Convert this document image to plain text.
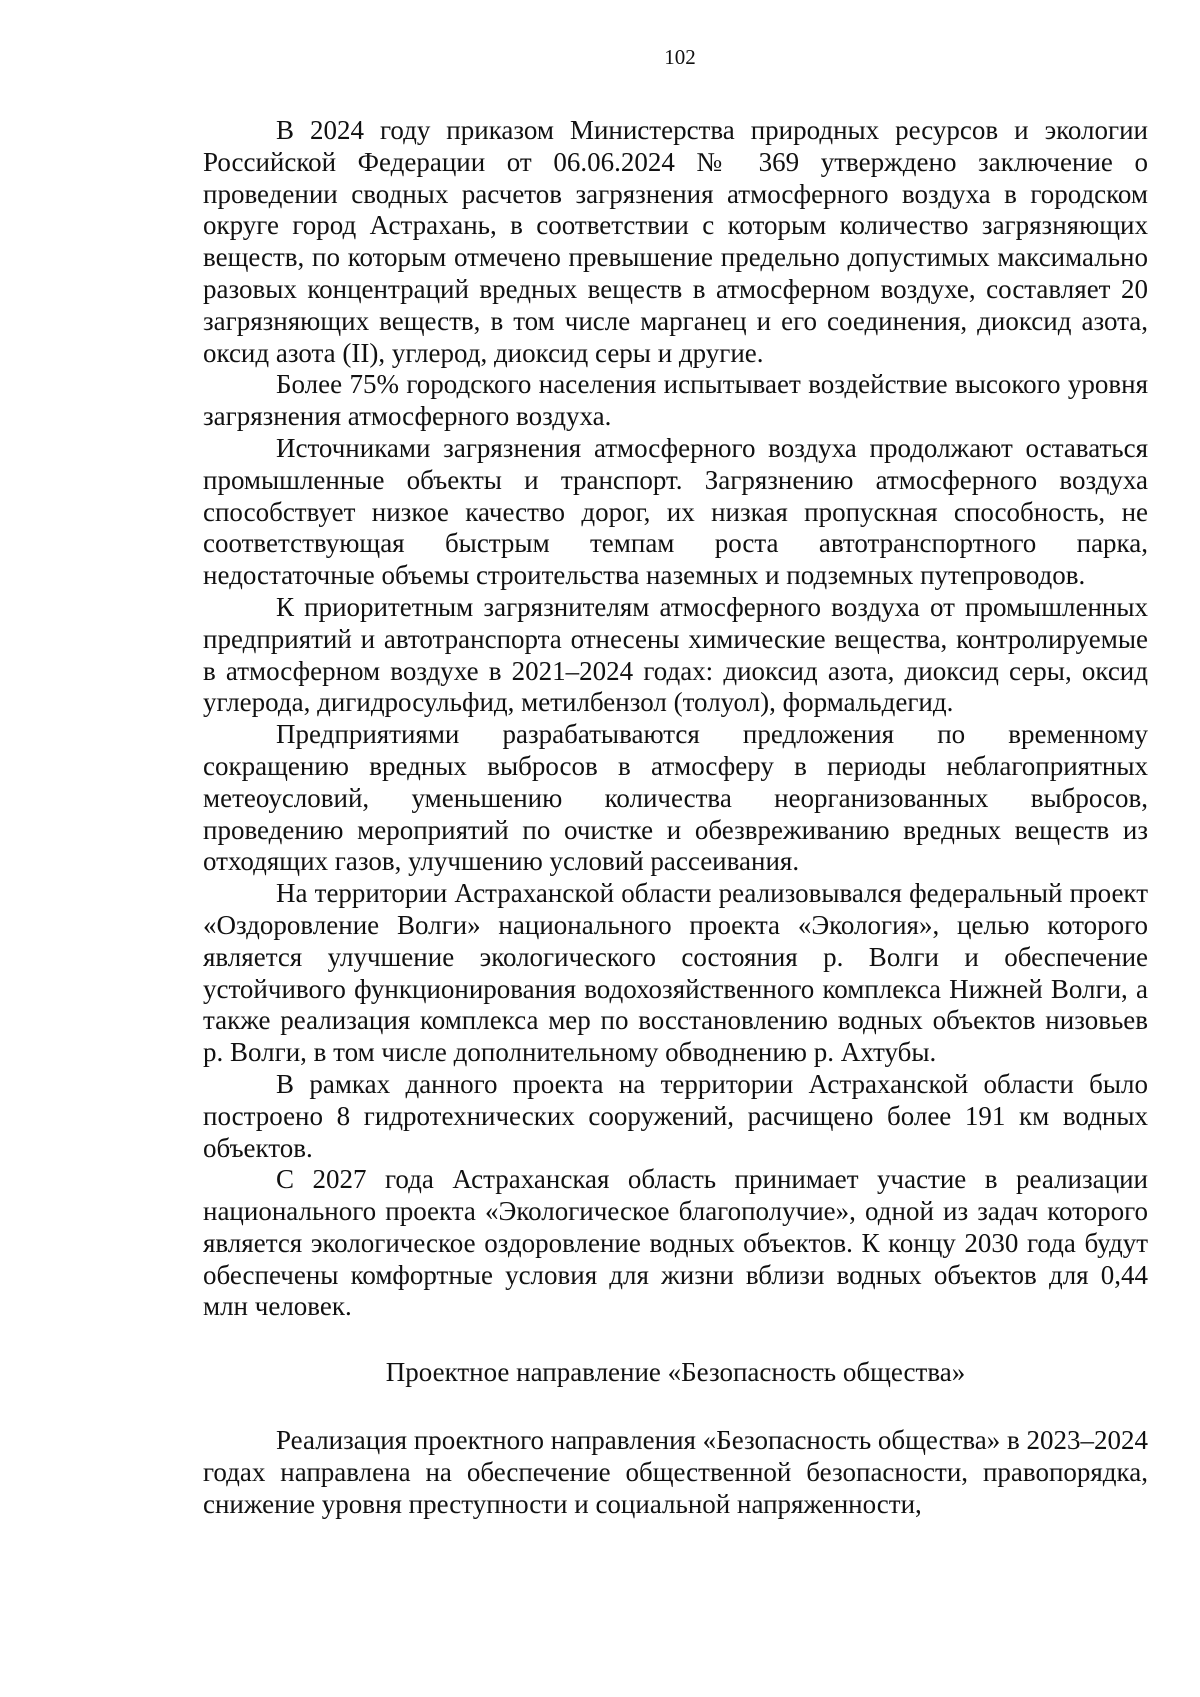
102

В 2024 году приказом Министерства природных ресурсов и экологии Российской Федерации от 06.06.2024 № 369 утверждено заключение о проведении сводных расчетов загрязнения атмосферного воздуха в городском округе город Астрахань, в соответствии с которым количество загрязняющих веществ, по которым отмечено превышение предельно допустимых максимально разовых концентраций вредных веществ в атмосферном воздухе, составляет 20 загрязняющих веществ, в том числе марганец и его соединения, диоксид азота, оксид азота (II), углерод, диоксид серы и другие.

Более 75% городского населения испытывает воздействие высокого уровня загрязнения атмосферного воздуха.

Источниками загрязнения атмосферного воздуха продолжают оставаться промышленные объекты и транспорт. Загрязнению атмосферного воздуха способствует низкое качество дорог, их низкая пропускная способность, не соответствующая быстрым темпам роста автотранспортного парка, недостаточные объемы строительства наземных и подземных путепроводов.

К приоритетным загрязнителям атмосферного воздуха от промышленных предприятий и автотранспорта отнесены химические вещества, контролируемые в атмосферном воздухе в 2021–2024 годах: диоксид азота, диоксид серы, оксид углерода, дигидросульфид, метилбензол (толуол), формальдегид.

Предприятиями разрабатываются предложения по временному сокращению вредных выбросов в атмосферу в периоды неблагоприятных метеоусловий, уменьшению количества неорганизованных выбросов, проведению мероприятий по очистке и обезвреживанию вредных веществ из отходящих газов, улучшению условий рассеивания.

На территории Астраханской области реализовывался федеральный проект «Оздоровление Волги» национального проекта «Экология», целью которого является улучшение экологического состояния р. Волги и обеспечение устойчивого функционирования водохозяйственного комплекса Нижней Волги, а также реализация комплекса мер по восстановлению водных объектов низовьев р. Волги, в том числе дополнительному обводнению р. Ахтубы.

В рамках данного проекта на территории Астраханской области было построено 8 гидротехнических сооружений, расчищено более 191 км водных объектов.

С 2027 года Астраханская область принимает участие в реализации национального проекта «Экологическое благополучие», одной из задач которого является экологическое оздоровление водных объектов. К концу 2030 года будут обеспечены комфортные условия для жизни вблизи водных объектов для 0,44 млн человек.

Проектное направление «Безопасность общества»

Реализация проектного направления «Безопасность общества» в 2023–2024 годах направлена на обеспечение общественной безопасности, правопорядка, снижение уровня преступности и социальной напряженности,
